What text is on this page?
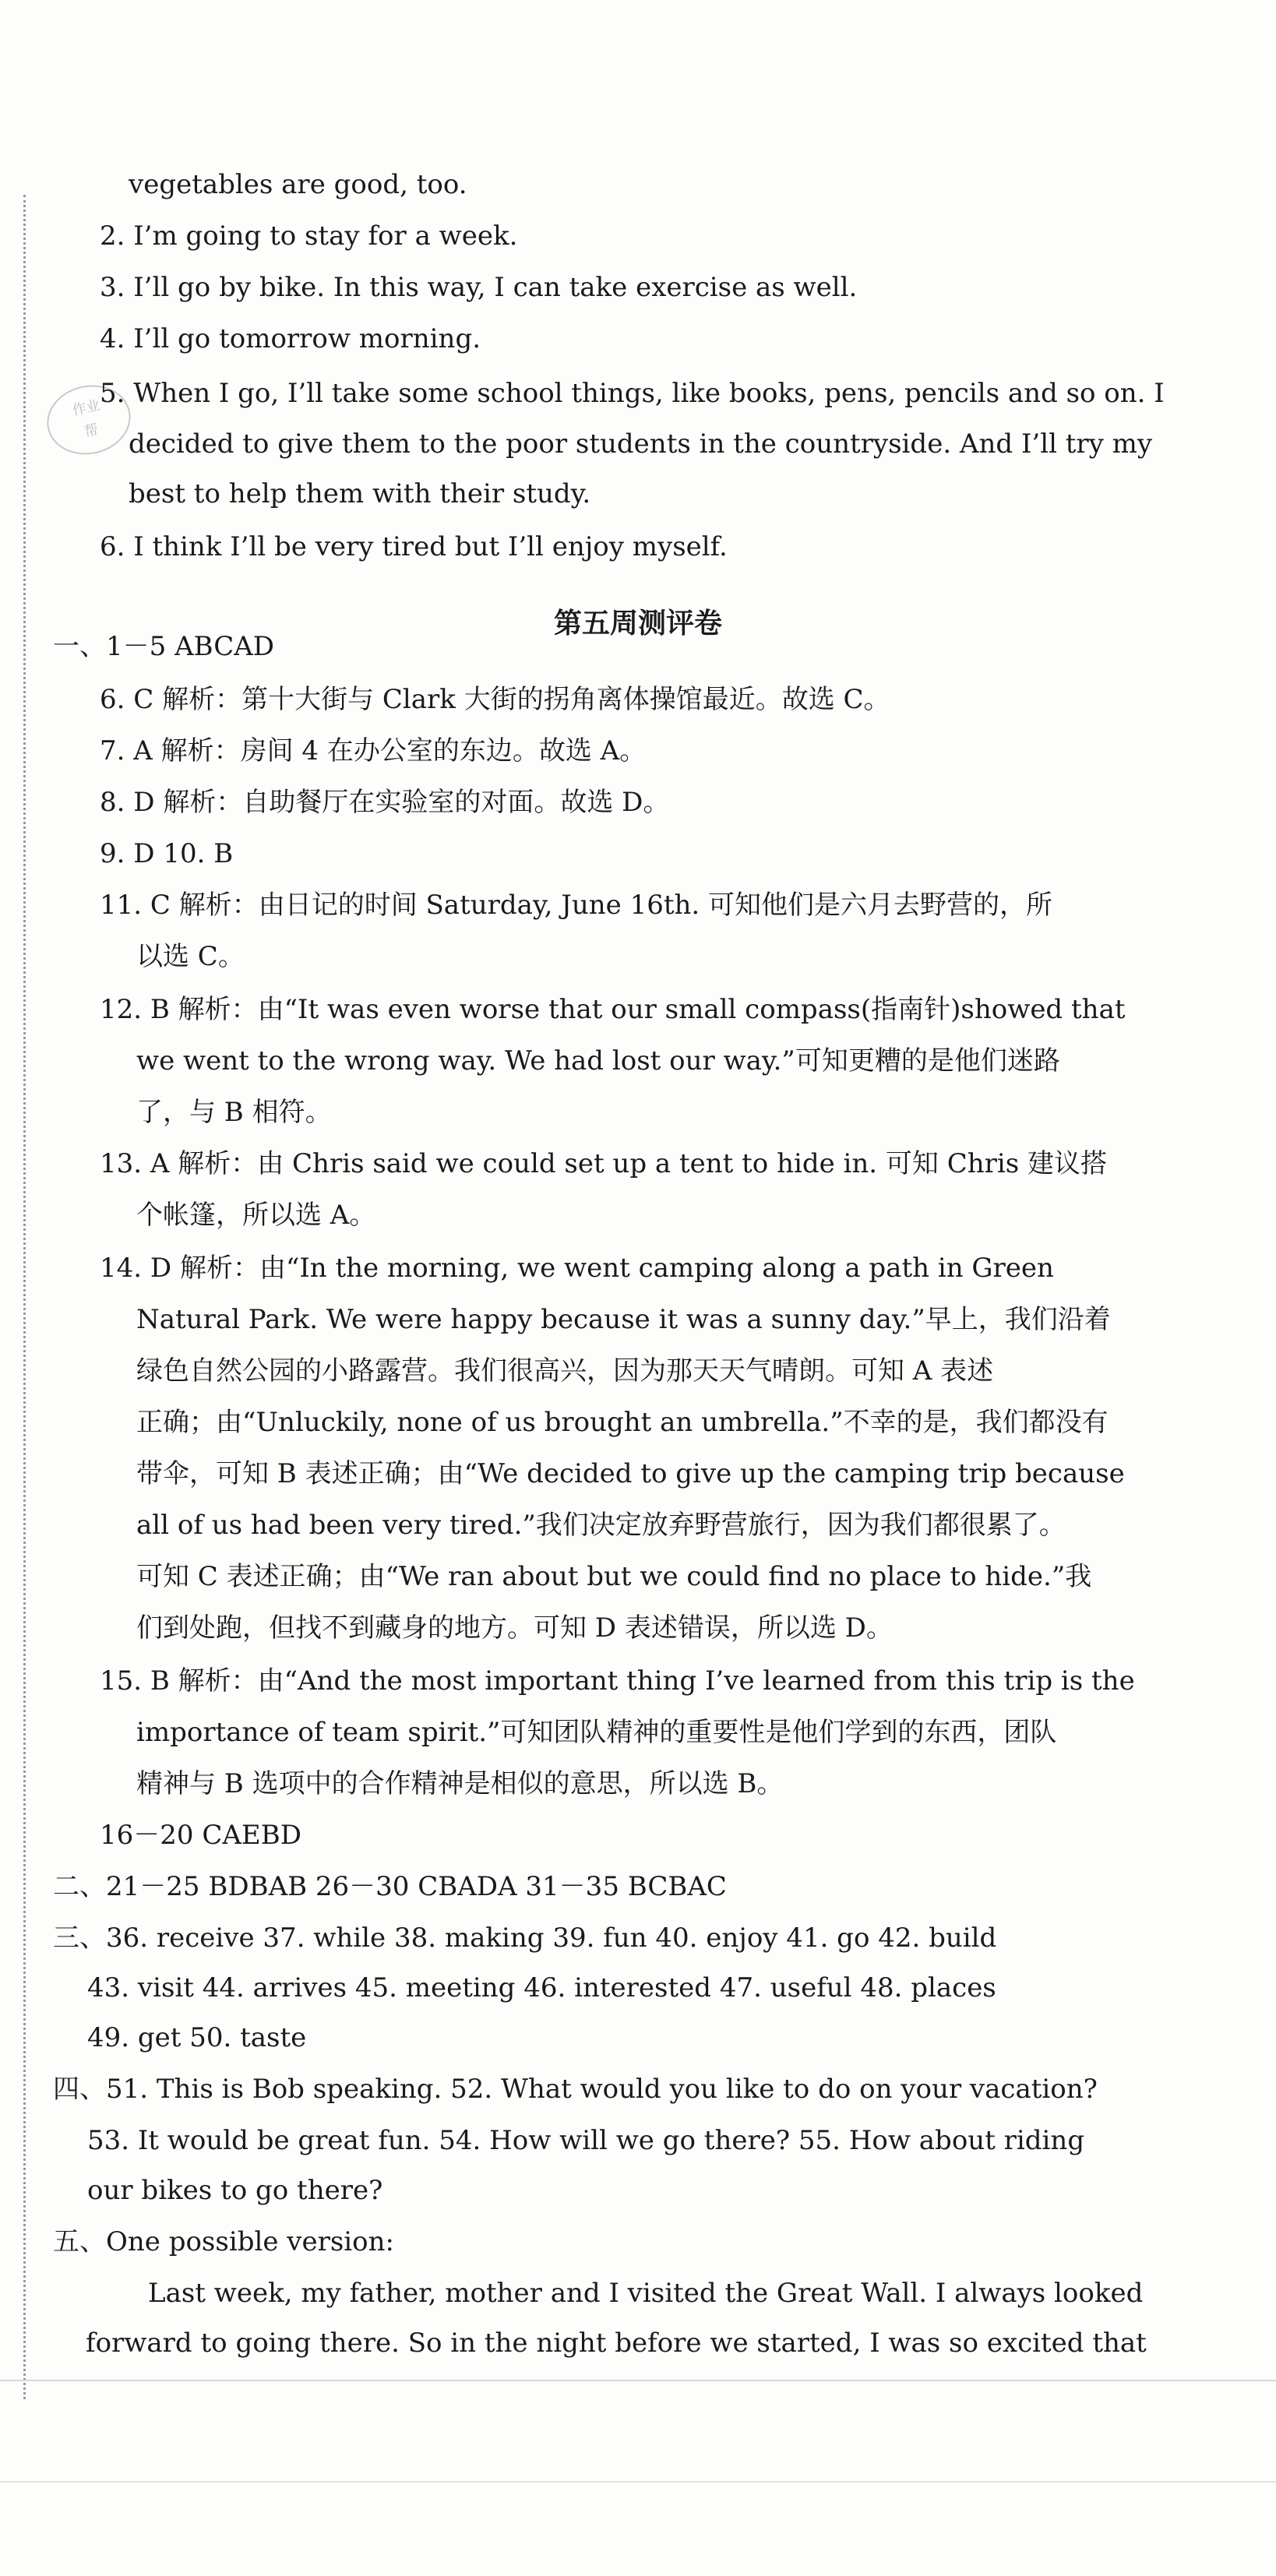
作业
帮
vegetables are good, too.
2. I’m going to stay for a week.
3. I’ll go by bike. In this way, I can take exercise as well.
4. I’ll go tomorrow morning.
5. When I go, I’ll take some school things, like books, pens, pencils and so on. I
decided to give them to the poor students in the countryside. And I’ll try my
best to help them with their study.
6. I think I’ll be very tired but I’ll enjoy myself.
一、1－5 ABCAD
6. C 解析：第十大街与 Clark 大街的拐角离体操馆最近。故选 C。
7. A 解析：房间 4 在办公室的东边。故选 A。
8. D 解析：自助餐厅在实验室的对面。故选 D。
9. D 10. B
11. C 解析：由日记的时间 Saturday, June 16th. 可知他们是六月去野营的，所
以选 C。
12. B 解析：由“It was even worse that our small compass(指南针)showed that
we went to the wrong way. We had lost our way.”可知更糟的是他们迷路
了，与 B 相符。
13. A 解析：由 Chris said we could set up a tent to hide in. 可知 Chris 建议搭
个帐篷，所以选 A。
14. D 解析：由“In the morning, we went camping along a path in Green
Natural Park. We were happy because it was a sunny day.”早上，我们沿着
绿色自然公园的小路露营。我们很高兴，因为那天天气晴朗。可知 A 表述
正确；由“Unluckily, none of us brought an umbrella.”不幸的是，我们都没有
带伞，可知 B 表述正确；由“We decided to give up the camping trip because
all of us had been very tired.”我们决定放弃野营旅行，因为我们都很累了。
可知 C 表述正确；由“We ran about but we could find no place to hide.”我
们到处跑，但找不到藏身的地方。可知 D 表述错误，所以选 D。
15. B 解析：由“And the most important thing I’ve learned from this trip is the
importance of team spirit.”可知团队精神的重要性是他们学到的东西，团队
精神与 B 选项中的合作精神是相似的意思，所以选 B。
16－20 CAEBD
二、21－25 BDBAB 26－30 CBADA 31－35 BCBAC
三、36. receive 37. while 38. making 39. fun 40. enjoy 41. go 42. build
43. visit 44. arrives 45. meeting 46. interested 47. useful 48. places
49. get 50. taste
四、51. This is Bob speaking. 52. What would you like to do on your vacation?
53. It would be great fun. 54. How will we go there? 55. How about riding
our bikes to go there?
五、One possible version:
Last week, my father, mother and I visited the Great Wall. I always looked
forward to going there. So in the night before we started, I was so excited that
第五周测评卷
